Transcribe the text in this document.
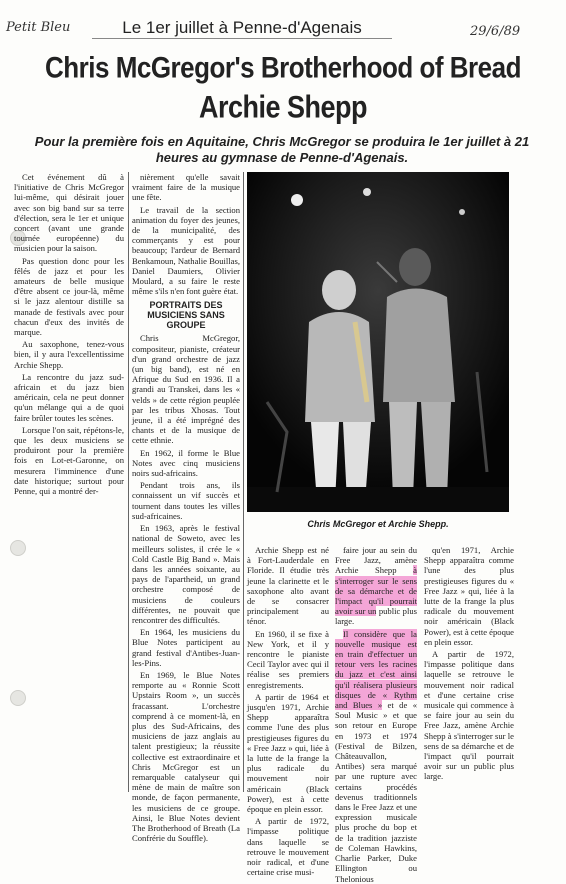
Petit Bleu	29/6/89
Le 1er juillet à Penne-d'Agenais
Chris McGregor's Brotherhood of Bread
Archie Shepp
Pour la première fois en Aquitaine, Chris McGregor se produira le 1er juillet à 21 heures au gymnase de Penne-d'Agenais.

Cet événement dû à l'initiative de Chris McGregor lui-même, qui désirait jouer avec son big band sur sa terre d'élection, sera le 1er et unique concert (avant une grande tournée européenne) du musicien pour la saison.

Pas question donc pour les fêlés de jazz et pour les amateurs de belle musique d'être absent ce jour-là, même si le jazz alentour distille sa manade de festivals avec pour chacun d'eux des invités de marque.

Au saxophone, tenez-vous bien, il y aura l'excellentissime Archie Shepp.

La rencontre du jazz sud-africain et du jazz bien américain, cela ne peut donner qu'un mélange qui a de quoi faire brûler toutes les scènes.

Lorsque l'on sait, répétons-le, que les deux musiciens se produiront pour la première fois en Lot-et-Garonne, on mesurera l'imminence d'une date historique; surtout pour Penne, qui a montré der-

nièrement qu'elle savait vraiment faire de la musique une fête.

Le travail de la section animation du foyer des jeunes, de la municipalité, des commerçants y est pour beaucoup; l'ardeur de Bernard Benkamoun, Nathalie Bouillas, Daniel Daumiers, Olivier Moulard, a su faire le reste même s'ils n'en font guère état.

PORTRAITS DES MUSICIENS SANS GROUPE

Chris McGregor, compositeur, pianiste, créateur d'un grand orchestre de jazz (un big band), est né en Afrique du Sud en 1936. Il a grandi au Transkei, dans les « velds » de cette région peuplée par les tribus Xhosas. Tout jeune, il a été imprégné des chants et de la musique de cette ethnie.

En 1962, il forme le Blue Notes avec cinq musiciens noirs sud-africains.

Pendant trois ans, ils connaissent un vif succès et tournent dans toutes les villes sud-africaines.

En 1963, après le festival national de Soweto, avec les meilleurs solistes, il crée le « Cold Castle Big Band ». Mais dans les années soixante, au pays de l'apartheid, un grand orchestre composé de musiciens de couleurs différentes, ne pouvait que rencontrer des difficultés.

En 1964, les musiciens du Blue Notes participent au grand festival d'Antibes-Juan-les-Pins.

En 1969, le Blue Notes remporte au « Ronnie Scott Upstairs Room », un succès fracassant. L'orchestre comprend à ce moment-là, en plus des Sud-Africains, des musiciens de jazz anglais au talent prestigieux; la réussite collective est extraordinaire et Chris McGregor est un remarquable catalyseur qui mène de main de maître son monde, de façon permanente, les musiciens de ce groupe. Ainsi, le Blue Notes devient The Brotherhood of Breath (La Confrérie du Souffle).

Chris McGregor et Archie Shepp.

Archie Shepp est né à Fort-Lauderdale en Floride. Il étudie très jeune la clarinette et le saxophone alto avant de se consacrer principalement au ténor.

En 1960, il se fixe à New York, et il y rencontre le pianiste Cecil Taylor avec qui il réalise ses premiers enregistrements.

A partir de 1964 et jusqu'en 1971, Archie Shepp apparaîtra comme l'une des plus prestigieuses figures du « Free Jazz » qui, liée à la lutte de la frange la plus radicale du mouvement noir américain (Black Power), est à cette époque en plein essor.

A partir de 1972, l'impasse politique dans laquelle se retrouve le mouvement noir radical, et d'une certaine crise musi-

faire jour au sein du Free Jazz, amène Archie Shepp à s'interroger sur le sens de sa démarche et de l'impact qu'il pourrait avoir sur un public plus large.

Il considère que la nouvelle musique est en train d'effectuer un retour vers les racines du jazz et c'est ainsi qu'il réalisera plusieurs disques de « Rythm and Blues » et de « Soul Music » et que son retour en Europe en 1973 et 1974 (Festival de Bilzen, Châteauvallon, Antibes) sera marqué par une rupture avec certains procédés devenus traditionnels dans le Free Jazz et une expression musicale plus proche du bop et de la tradition jazziste de Coleman Hawkins, Charlie Parker, Duke Ellington ou Thelonious

qu'en 1971, Archie Shepp apparaîtra comme l'une des plus prestigieuses figures du « Free Jazz » qui, liée à la lutte de la frange la plus radicale du mouvement noir américain (Black Power), est à cette époque en plein essor.

A partir de 1972, l'impasse politique dans laquelle se retrouve le mouvement noir radical et d'une certaine crise musicale qui commence à se faire jour au sein du Free Jazz, amène Archie Shepp à s'interroger sur le sens de sa démarche et de l'impact qu'il pourrait avoir sur un public plus large.
